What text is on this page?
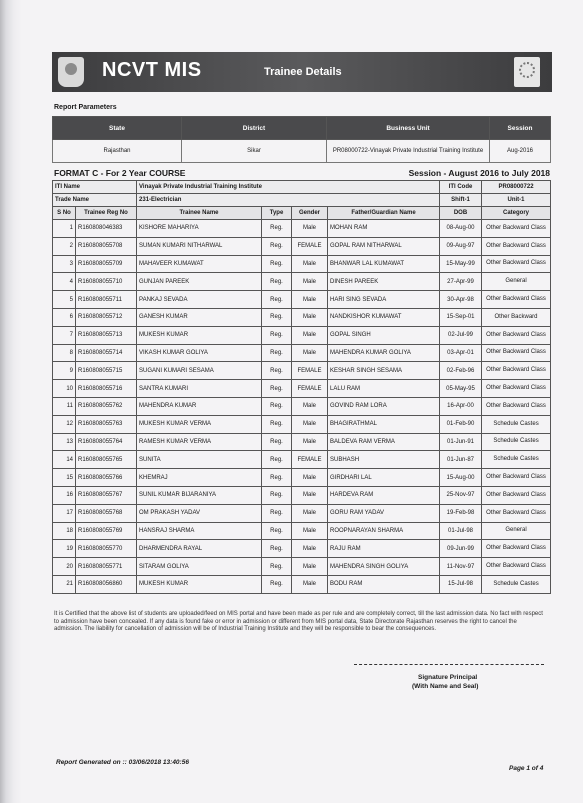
NCVT MIS	Trainee Details
Report Parameters
State	District	Business Unit	Session
Rajasthan	Sikar	PR08000722-Vinayak Private Industrial Training Institute	Aug-2016
FORMAT C - For 2 Year COURSE	Session - August 2016 to July 2018
ITI Name		Vinayak Private Industrial Training Institute				ITI Code	PR08000722
Trade Name		231-Electrician				Shift-1	Unit-1
S No	Trainee Reg No	Trainee Name	Type	Gender	Father/Guardian Name	DOB	Category
1	R160808046383	KISHORE MAHARIYA	Reg.	Male	MOHAN RAM	08-Aug-00	Other Backward Class
2	R160808055708	SUMAN KUMARI NITHARWAL	Reg.	FEMALE	GOPAL RAM NITHARWAL	09-Aug-97	Other Backward Class
3	R160808055709	MAHAVEER KUMAWAT	Reg.	Male	BHANWAR LAL KUMAWAT	15-May-99	Other Backward Class
4	R160808055710	GUNJAN PAREEK	Reg.	Male	DINESH PAREEK	27-Apr-99	General
5	R160808055711	PANKAJ SEVADA	Reg.	Male	HARI SING SEVADA	30-Apr-98	Other Backward Class
6	R160808055712	GANESH KUMAR	Reg.	Male	NANDKISHOR KUMAWAT	15-Sep-01	Other Backward
7	R160808055713	MUKESH KUMAR	Reg.	Male	GOPAL SINGH	02-Jul-99	Other Backward Class
8	R160808055714	VIKASH KUMAR GOLIYA	Reg.	Male	MAHENDRA KUMAR GOLIYA	03-Apr-01	Other Backward Class
9	R160808055715	SUGANI KUMARI SESAMA	Reg.	FEMALE	KESHAR SINGH SESAMA	02-Feb-96	Other Backward Class
10	R160808055716	SANTRA KUMARI	Reg.	FEMALE	LALU RAM	05-May-95	Other Backward Class
11	R160808055762	MAHENDRA KUMAR	Reg.	Male	GOVIND RAM LORA	16-Apr-00	Other Backward Class
12	R160808055763	MUKESH KUMAR VERMA	Reg.	Male	BHAGIRATHMAL	01-Feb-90	Schedule Castes
13	R160808055764	RAMESH KUMAR VERMA	Reg.	Male	BALDEVA RAM VERMA	01-Jun-91	Schedule Castes
14	R160808055765	SUNITA	Reg.	FEMALE	SUBHASH	01-Jun-87	Schedule Castes
15	R160808055766	KHEMRAJ	Reg.	Male	GIRDHARI LAL	15-Aug-00	Other Backward Class
16	R160808055767	SUNIL KUMAR BIJARANIYA	Reg.	Male	HARDEVA RAM	25-Nov-97	Other Backward Class
17	R160808055768	OM PRAKASH YADAV	Reg.	Male	GORU RAM YADAV	19-Feb-98	Other Backward Class
18	R160808055769	HANSRAJ SHARMA	Reg.	Male	ROOPNARAYAN SHARMA	01-Jul-98	General
19	R160808055770	DHARMENDRA RAYAL	Reg.	Male	RAJU RAM	09-Jun-99	Other Backward Class
20	R160808055771	SITARAM GOLIYA	Reg.	Male	MAHENDRA SINGH GOLIYA	11-Nov-97	Other Backward Class
21	R160808056860	MUKESH KUMAR	Reg.	Male	BODU RAM	15-Jul-98	Schedule Castes
It is Certified that the above list of students are uploaded/feed on MIS portal and have been made as per rule and are completely correct, till the last admission data. No fact with respect to admission have been concealed. If any data is found fake or error in admission or different from MIS portal data, State Directorate Rajasthan reserves the right to cancel the admission. The liability for cancellation of admission will be of Industrial Training Institute and they will be responsible to bear the consequences.
Signature Principal
(With Name and Seal)
Report Generated on :: 03/06/2018 13:40:56
Page 1 of 4
